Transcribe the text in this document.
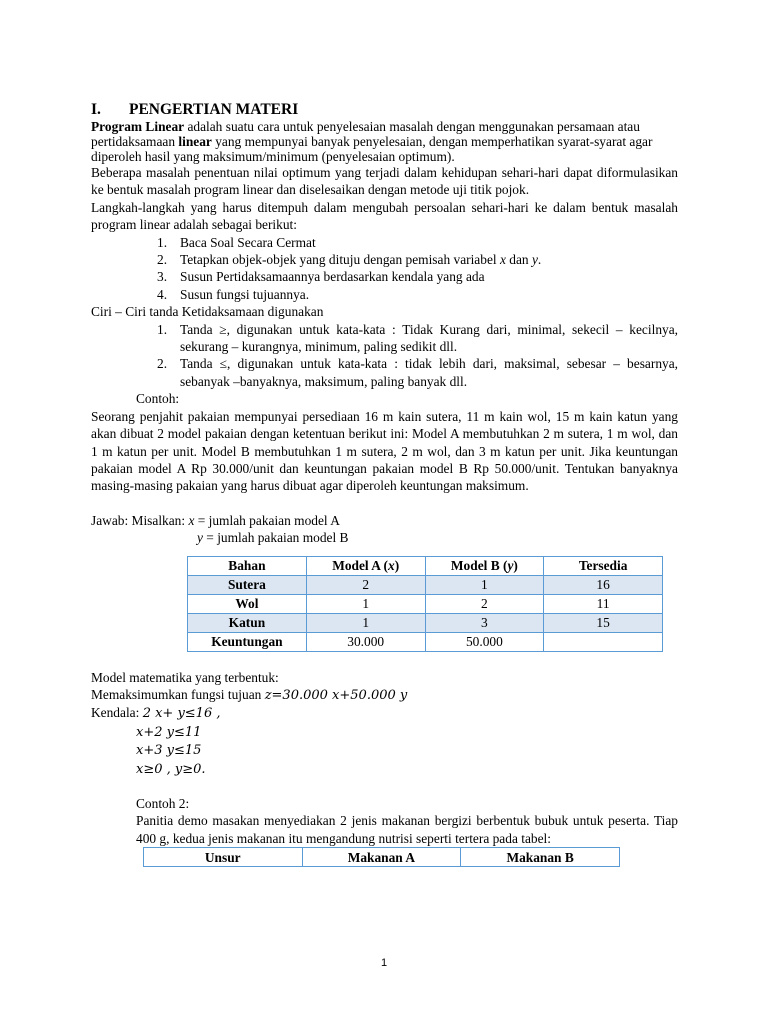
I. PENGERTIAN MATERI
Program Linear adalah suatu cara untuk penyelesaian masalah dengan menggunakan persamaan atau pertidaksamaan linear yang mempunyai banyak penyelesaian, dengan memperhatikan syarat-syarat agar diperoleh hasil yang maksimum/minimum (penyelesaian optimum).
Beberapa masalah penentuan nilai optimum yang terjadi dalam kehidupan sehari-hari dapat diformulasikan ke bentuk masalah program linear dan diselesaikan dengan metode uji titik pojok.
Langkah-langkah yang harus ditempuh dalam mengubah persoalan sehari-hari ke dalam bentuk masalah program linear adalah sebagai berikut:
1. Baca Soal Secara Cermat
2. Tetapkan objek-objek yang dituju dengan pemisah variabel x dan y.
3. Susun Pertidaksamaannya berdasarkan kendala yang ada
4. Susun fungsi tujuannya.
Ciri – Ciri tanda Ketidaksamaan digunakan
1. Tanda ≥, digunakan untuk kata-kata : Tidak Kurang dari, minimal, sekecil – kecilnya, sekurang – kurangnya, minimum, paling sedikit dll.
2. Tanda ≤, digunakan untuk kata-kata : tidak lebih dari, maksimal, sebesar – besarnya, sebanyak –banyaknya, maksimum, paling banyak dll.
Contoh:
Seorang penjahit pakaian mempunyai persediaan 16 m kain sutera, 11 m kain wol, 15 m kain katun yang akan dibuat 2 model pakaian dengan ketentuan berikut ini: Model A membutuhkan 2 m sutera, 1 m wol, dan 1 m katun per unit. Model B membutuhkan 1 m sutera, 2 m wol, dan 3 m katun per unit. Jika keuntungan pakaian model A Rp 30.000/unit dan keuntungan pakaian model B Rp 50.000/unit. Tentukan banyaknya masing-masing pakaian yang harus dibuat agar diperoleh keuntungan maksimum.
Jawab: Misalkan: x = jumlah pakaian model A
y = jumlah pakaian model B
Bahan	Model A (x)	Model B (y)	Tersedia
Sutera	2	1	16
Wol	1	2	11
Katun	1	3	15
Keuntungan	30.000	50.000	
Model matematika yang terbentuk:
Memaksimumkan fungsi tujuan z=30.000 x+50.000 y
Kendala: 2 x+ y≤16 ,
x+2 y≤11
x+3 y≤15
x≥0 , y≥0.
Contoh 2:
Panitia demo masakan menyediakan 2 jenis makanan bergizi berbentuk bubuk untuk peserta. Tiap 400 g, kedua jenis makanan itu mengandung nutrisi seperti tertera pada tabel:
Unsur	Makanan A	Makanan B
1
